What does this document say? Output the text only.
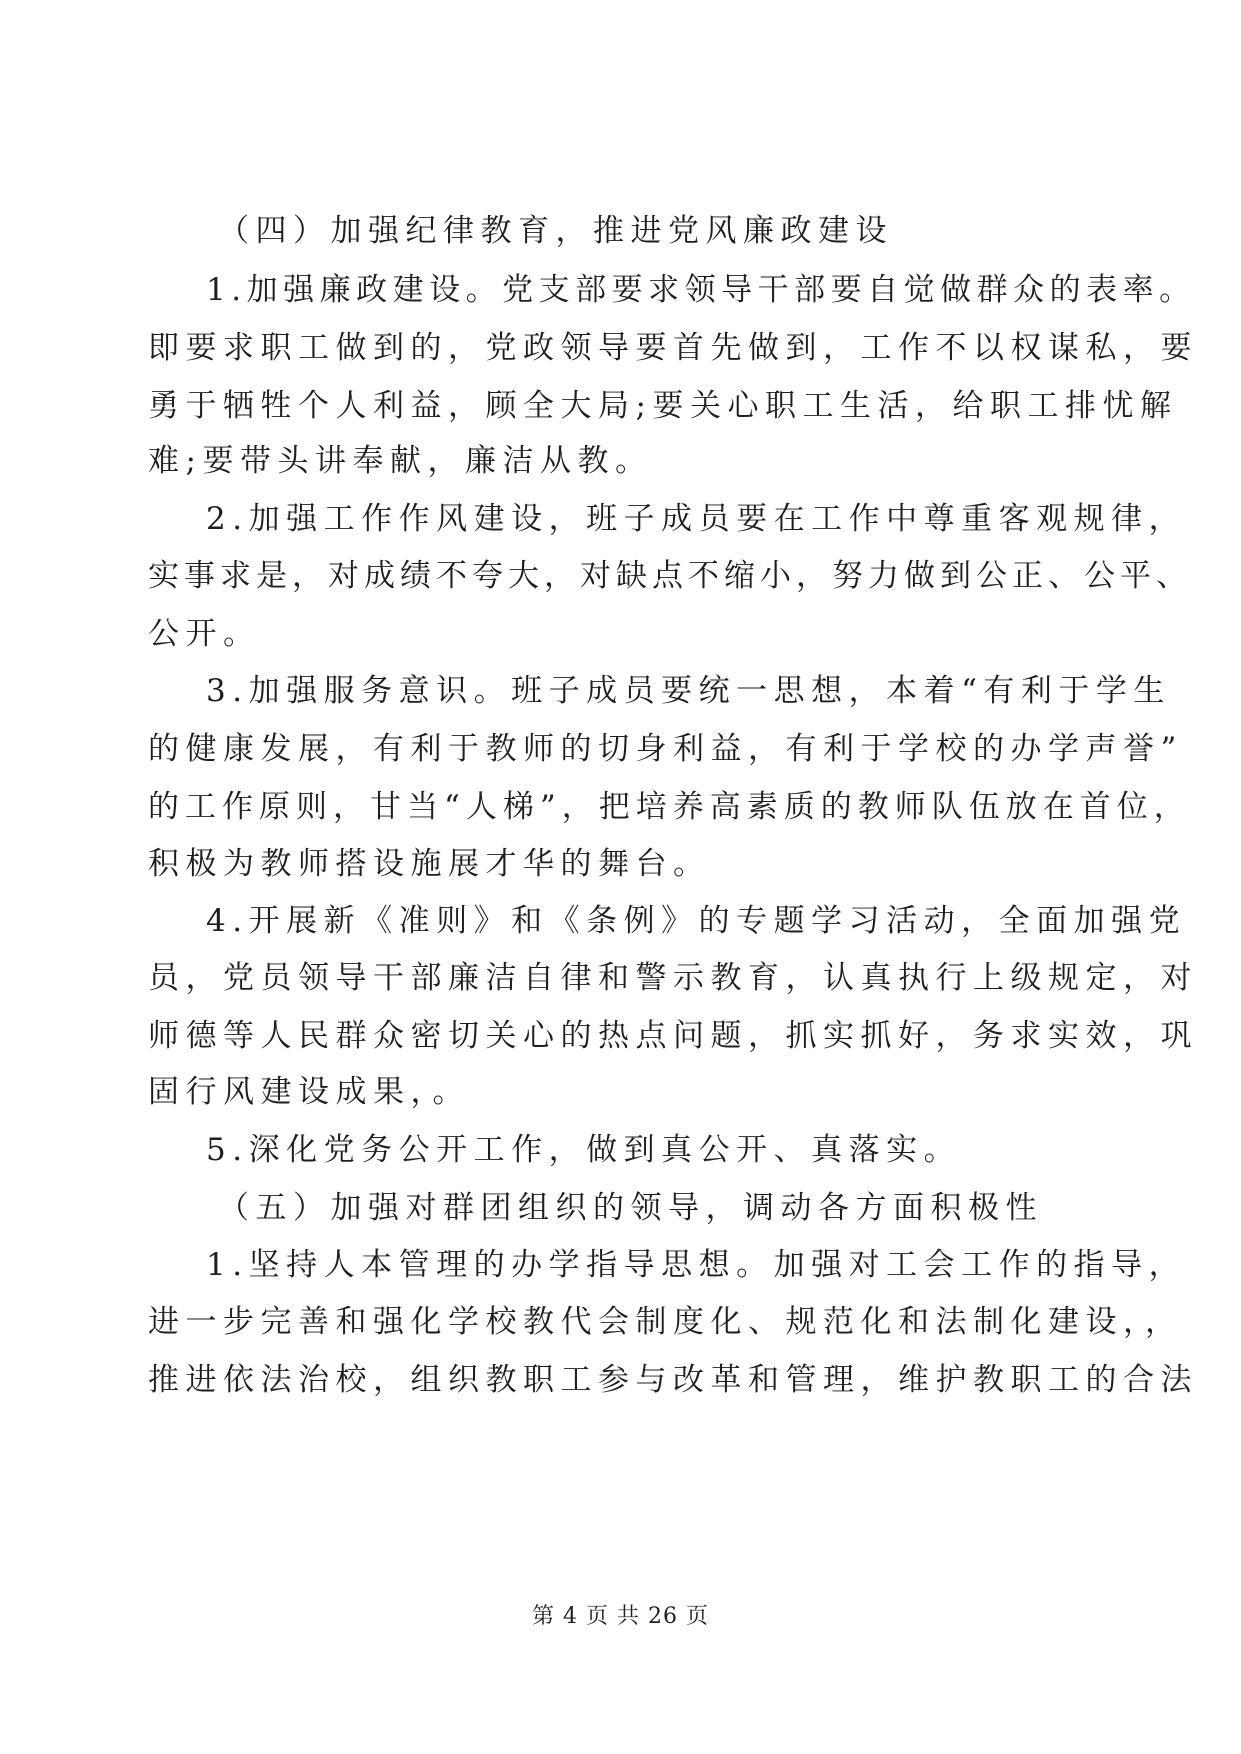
（四）加强纪律教育，推进党风廉政建设

1.加强廉政建设。党支部要求领导干部要自觉做群众的表率。

即要求职工做到的，党政领导要首先做到，工作不以权谋私，要

勇于牺牲个人利益，顾全大局;要关心职工生活，给职工排忧解

难;要带头讲奉献，廉洁从教。

2.加强工作作风建设，班子成员要在工作中尊重客观规律，

实事求是，对成绩不夸大，对缺点不缩小，努力做到公正、公平、

公开。

3.加强服务意识。班子成员要统一思想，本着“有利于学生

的健康发展，有利于教师的切身利益，有利于学校的办学声誉”

的工作原则，甘当“人梯”，把培养高素质的教师队伍放在首位，

积极为教师搭设施展才华的舞台。

4.开展新《准则》和《条例》的专题学习活动，全面加强党

员，党员领导干部廉洁自律和警示教育，认真执行上级规定，对

师德等人民群众密切关心的热点问题，抓实抓好，务求实效，巩

固行风建设成果，。

5.深化党务公开工作，做到真公开、真落实。

（五）加强对群团组织的领导，调动各方面积极性

1.坚持人本管理的办学指导思想。加强对工会工作的指导，

进一步完善和强化学校教代会制度化、规范化和法制化建设，，

推进依法治校，组织教职工参与改革和管理，维护教职工的合法

第 4 页 共 26 页
